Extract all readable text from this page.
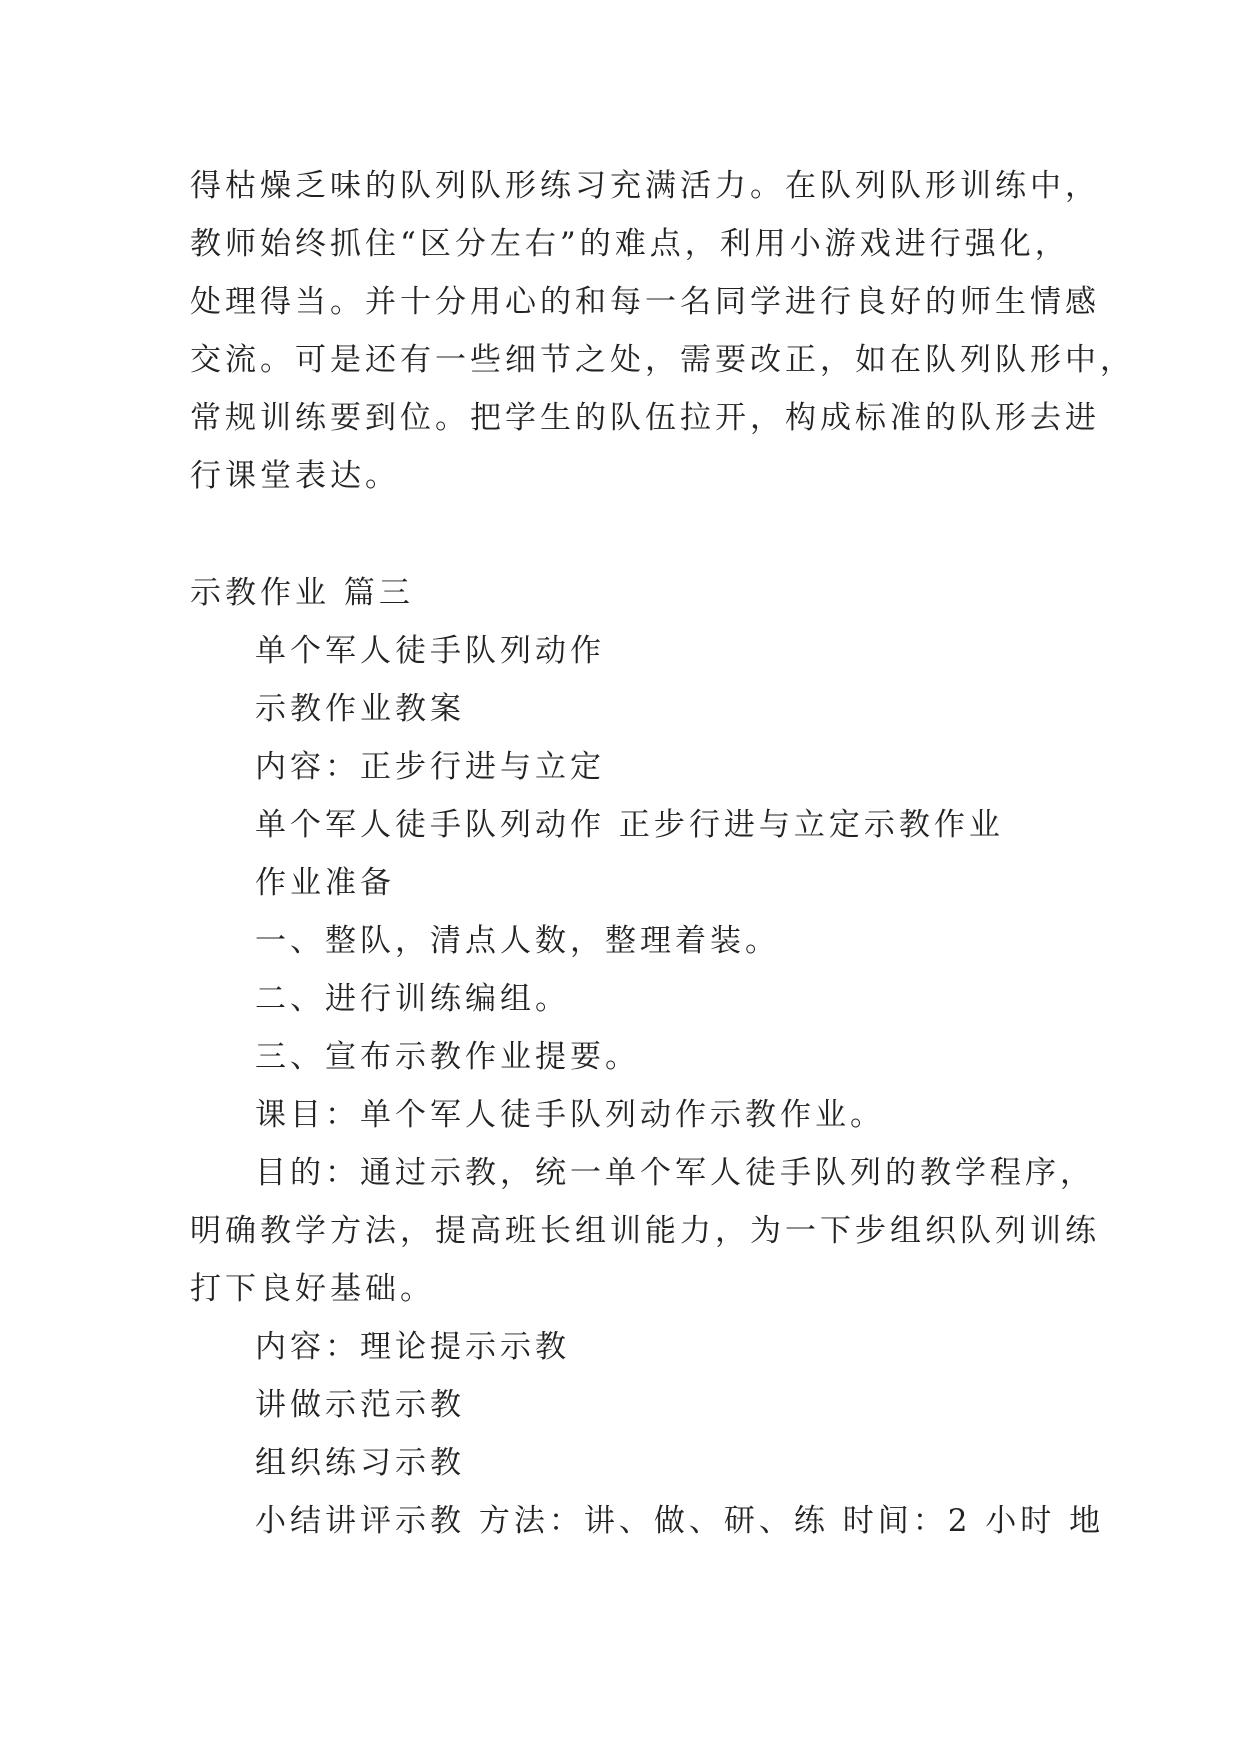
得枯燥乏味的队列队形练习充满活力。在队列队形训练中，
教师始终抓住“区分左右”的难点，利用小游戏进行强化，
处理得当。并十分用心的和每一名同学进行良好的师生情感
交流。可是还有一些细节之处，需要改正，如在队列队形中，
常规训练要到位。把学生的队伍拉开，构成标准的队形去进
行课堂表达。
示教作业 篇三
单个军人徒手队列动作
示教作业教案
内容：正步行进与立定
单个军人徒手队列动作 正步行进与立定示教作业
作业准备
一、整队，清点人数，整理着装。
二、进行训练编组。
三、宣布示教作业提要。
课目：单个军人徒手队列动作示教作业。
目的：通过示教，统一单个军人徒手队列的教学程序，
明确教学方法，提高班长组训能力，为一下步组织队列训练
打下良好基础。
内容：理论提示示教
讲做示范示教
组织练习示教
小结讲评示教 方法：讲、做、研、练 时间：2 小时 地
